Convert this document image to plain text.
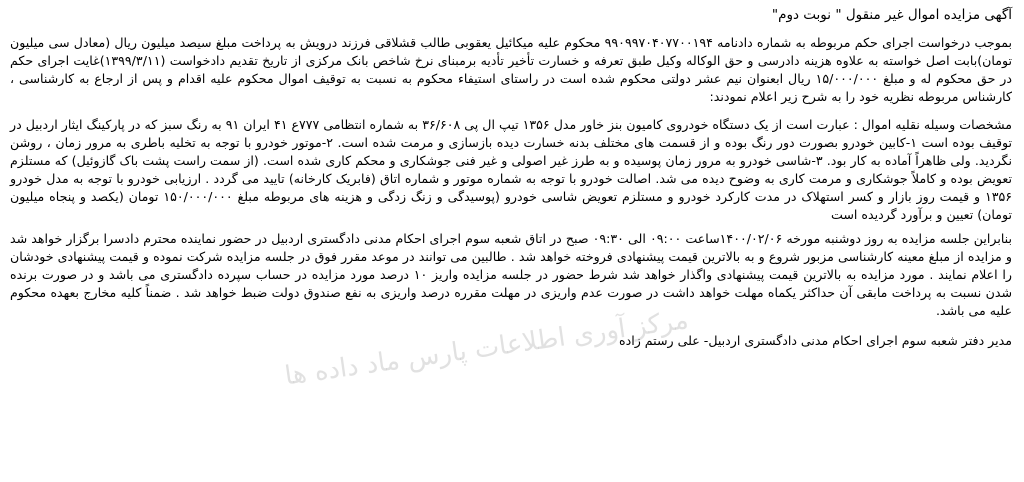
آگهی مزایده اموال غیر منقول " نوبت دوم"

بموجب درخواست اجرای حکم مربوطه به شماره دادنامه ۹۹۰۹۹۷۰۴۰۷۷۰۰۱۹۴ محکوم علیه میکائیل یعقوبی طالب قشلاقی فرزند درویش به پرداخت مبلغ سیصد میلیون ریال (معادل سی میلیون تومان)بابت اصل خواسته به علاوه هزینه دادرسی و حق الوکاله وکیل طبق تعرفه و خسارت تأخیر تأدیه برمبنای نرخ شاخص بانک مرکزی از تاریخ تقدیم دادخواست (۱۳۹۹/۳/۱۱)غایت اجرای حکم در حق محکوم له و مبلغ ۱۵/۰۰۰/۰۰۰ ریال ابعنوان نیم عشر دولتی محکوم شده است در راستای استیفاء محکوم به نسبت به توقیف اموال محکوم علیه اقدام و پس از ارجاع به کارشناسی ، کارشناس مربوطه نظریه خود را به شرح زیر اعلام نمودند:

مشخصات وسیله نقلیه اموال : عبارت است از یک دستگاه خودروی کامیون بنز خاور مدل ۱۳۵۶ تیپ ال پی ۳۶/۶۰۸ به شماره انتظامی ۷۷۷ع ۴۱ ایران ۹۱ به رنگ سبز که در پارکینگ ایثار اردبیل در توقیف بوده است ۱-کابین خودرو بصورت دور رنگ بوده و از قسمت های مختلف بدنه خسارت دیده بازسازی و مرمت شده است. ۲-موتور خودرو با توجه به تخلیه باطری به مرور زمان ، روشن نگردید. ولی ظاهراً آماده به کار بود. ۳-شاسی خودرو به مرور زمان پوسیده و به طرز غیر اصولی و غیر فنی جوشکاری و محکم کاری شده است. (از سمت راست پشت باک گازوئیل) که مستلزم تعویض بوده و کاملاً جوشکاری و مرمت کاری به وضوح دیده می شد. اصالت خودرو با توجه به شماره موتور و شماره اتاق (فابریک کارخانه) تایید می گردد . ارزیابی خودرو با توجه به مدل خودرو ۱۳۵۶ و قیمت روز بازار و کسر استهلاک در مدت کارکرد خودرو و مستلزم تعویض شاسی خودرو (پوسیدگی و زنگ زدگی و هزینه های مربوطه مبلغ ۱۵۰/۰۰۰/۰۰۰ تومان (یکصد و پنجاه میلیون تومان) تعیین و برآورد گردیده است

بنابراین جلسه مزایده به روز دوشنبه مورخه ۱۴۰۰/۰۲/۰۶ساعت ۰۹:۰۰ الی ۰۹:۳۰ صبح در اتاق شعبه سوم اجرای احکام مدنی دادگستری اردبیل در حضور نماینده محترم دادسرا برگزار خواهد شد و مزایده از مبلغ معینه کارشناسی مزبور شروع و به بالاترین قیمت پیشنهادی فروخته خواهد شد . طالبین می توانند در موعد مقرر فوق در جلسه مزایده شرکت نموده و قیمت پیشنهادی خودشان را اعلام نمایند . مورد مزایده به بالاترین قیمت پیشنهادی واگذار خواهد شد شرط حضور در جلسه مزایده واریز ۱۰ درصد مورد مزایده در حساب سپرده دادگستری می باشد و در صورت برنده شدن نسبت به پرداخت مابقی آن حداکثر یکماه مهلت خواهد داشت در صورت عدم واریزی در مهلت مقرره درصد واریزی به نفع صندوق دولت ضبط خواهد شد . ضمناً کلیه مخارج بعهده محکوم علیه می باشد.

مدیر دفتر شعبه سوم اجرای احکام مدنی دادگستری اردبیل- علی رستم زاده
مرکز آوری اطلاعات پارس ماد داده ها
